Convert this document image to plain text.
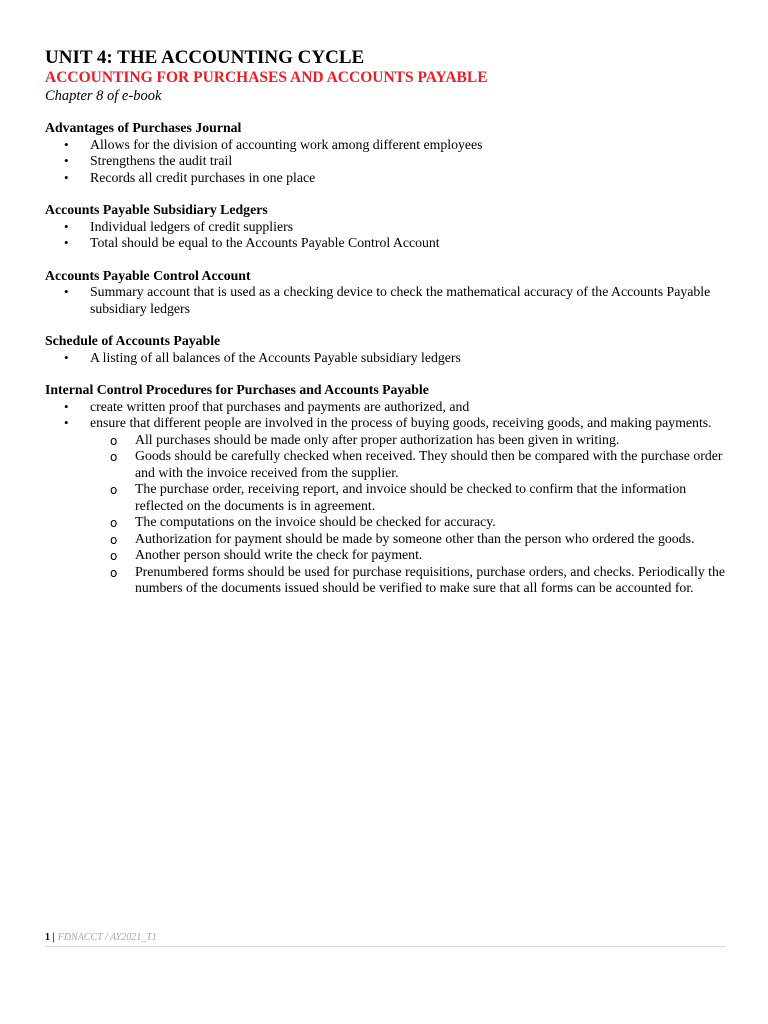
UNIT 4: THE ACCOUNTING CYCLE
ACCOUNTING FOR PURCHASES AND ACCOUNTS PAYABLE

Chapter 8 of e-book

Advantages of Purchases Journal
• Allows for the division of accounting work among different employees
• Strengthens the audit trail
• Records all credit purchases in one place
Accounts Payable Subsidiary Ledgers
• Individual ledgers of credit suppliers
• Total should be equal to the Accounts Payable Control Account
Accounts Payable Control Account
• Summary account that is used as a checking device to check the mathematical accuracy of the Accounts Payable subsidiary ledgers
Schedule of Accounts Payable
• A listing of all balances of the Accounts Payable subsidiary ledgers
Internal Control Procedures for Purchases and Accounts Payable
• create written proof that purchases and payments are authorized, and
• ensure that different people are involved in the process of buying goods, receiving goods, and making payments.
o All purchases should be made only after proper authorization has been given in writing.
o Goods should be carefully checked when received. They should then be compared with the purchase order and with the invoice received from the supplier.
o The purchase order, receiving report, and invoice should be checked to confirm that the information reflected on the documents is in agreement.
o The computations on the invoice should be checked for accuracy.
o Authorization for payment should be made by someone other than the person who ordered the goods.
o Another person should write the check for payment.
o Prenumbered forms should be used for purchase requisitions, purchase orders, and checks. Periodically the numbers of the documents issued should be verified to make sure that all forms can be accounted for.
1 | FDNACCT / AY2021_T1
